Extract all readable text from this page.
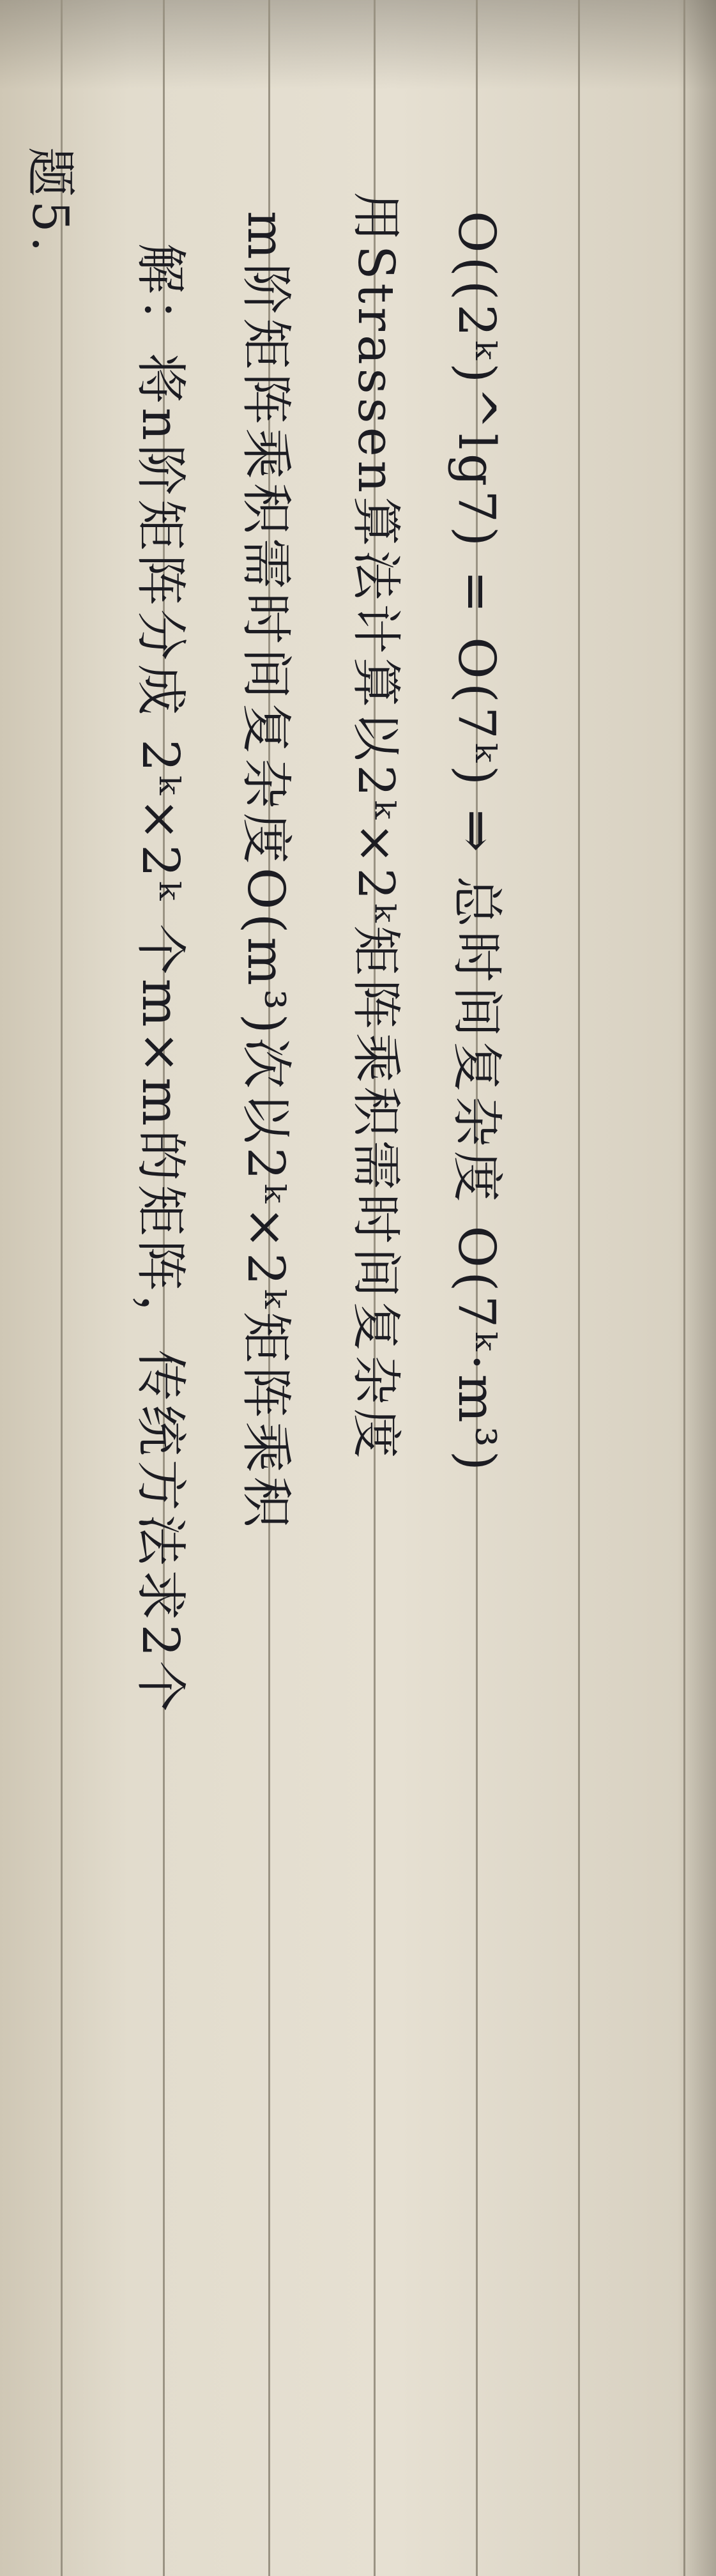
题5.
解：将n阶矩阵分成 2ᵏ×2ᵏ 个m×m的矩阵，传统方法求2个 m阶矩阵乘积需时间复杂度O(m³)次以2ᵏ×2ᵏ矩阵乘积 用Strassen算法计算以2ᵏ×2ᵏ矩阵乘积需时间复杂度 O((2ᵏ)^lg7) = O(7ᵏ) ⇒ 总时间复杂度 O(7ᵏ·m³)
